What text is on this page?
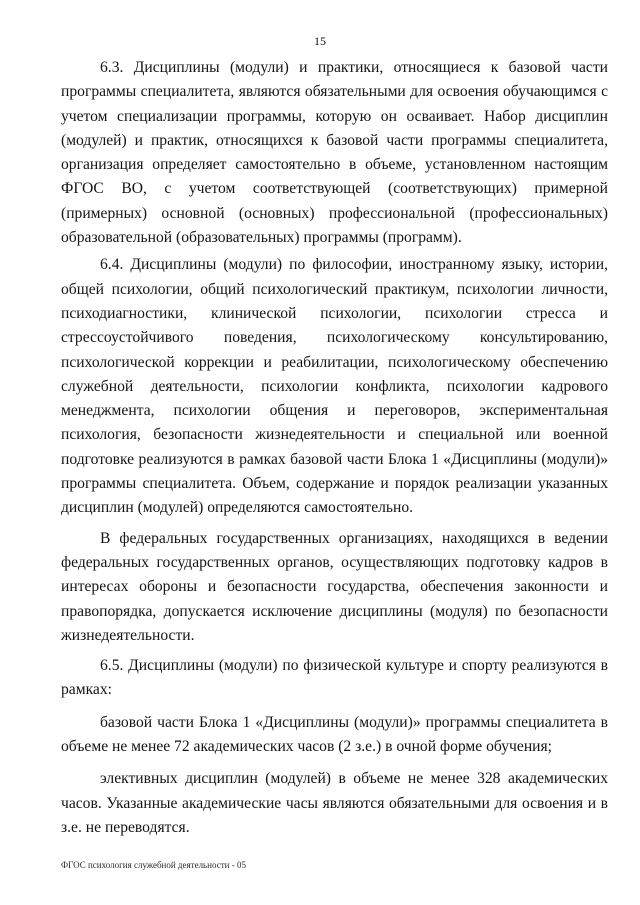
15

6.3. Дисциплины (модули) и практики, относящиеся к базовой части программы специалитета, являются обязательными для освоения обучающимся с учетом специализации программы, которую он осваивает. Набор дисциплин (модулей) и практик, относящихся к базовой части программы специалитета, организация определяет самостоятельно в объеме, установленном настоящим ФГОС ВО, с учетом соответствующей (соответствующих) примерной (примерных) основной (основных) профессиональной (профессиональных) образовательной (образовательных) программы (программ).

6.4. Дисциплины (модули) по философии, иностранному языку, истории, общей психологии, общий психологический практикум, психологии личности, психодиагностики, клинической психологии, психологии стресса и стрессоустойчивого поведения, психологическому консультированию, психологической коррекции и реабилитации, психологическому обеспечению служебной деятельности, психологии конфликта, психологии кадрового менеджмента, психологии общения и переговоров, экспериментальная психология, безопасности жизнедеятельности и специальной или военной подготовке реализуются в рамках базовой части Блока 1 «Дисциплины (модули)» программы специалитета. Объем, содержание и порядок реализации указанных дисциплин (модулей) определяются самостоятельно.

В федеральных государственных организациях, находящихся в ведении федеральных государственных органов, осуществляющих подготовку кадров в интересах обороны и безопасности государства, обеспечения законности и правопорядка, допускается исключение дисциплины (модуля) по безопасности жизнедеятельности.

6.5. Дисциплины (модули) по физической культуре и спорту реализуются в рамках:

базовой части Блока 1 «Дисциплины (модули)» программы специалитета в объеме не менее 72 академических часов (2 з.е.) в очной форме обучения;

элективных дисциплин (модулей) в объеме не менее 328 академических часов. Указанные академические часы являются обязательными для освоения и в з.е. не переводятся.

ФГОС психология служебной деятельности - 05
